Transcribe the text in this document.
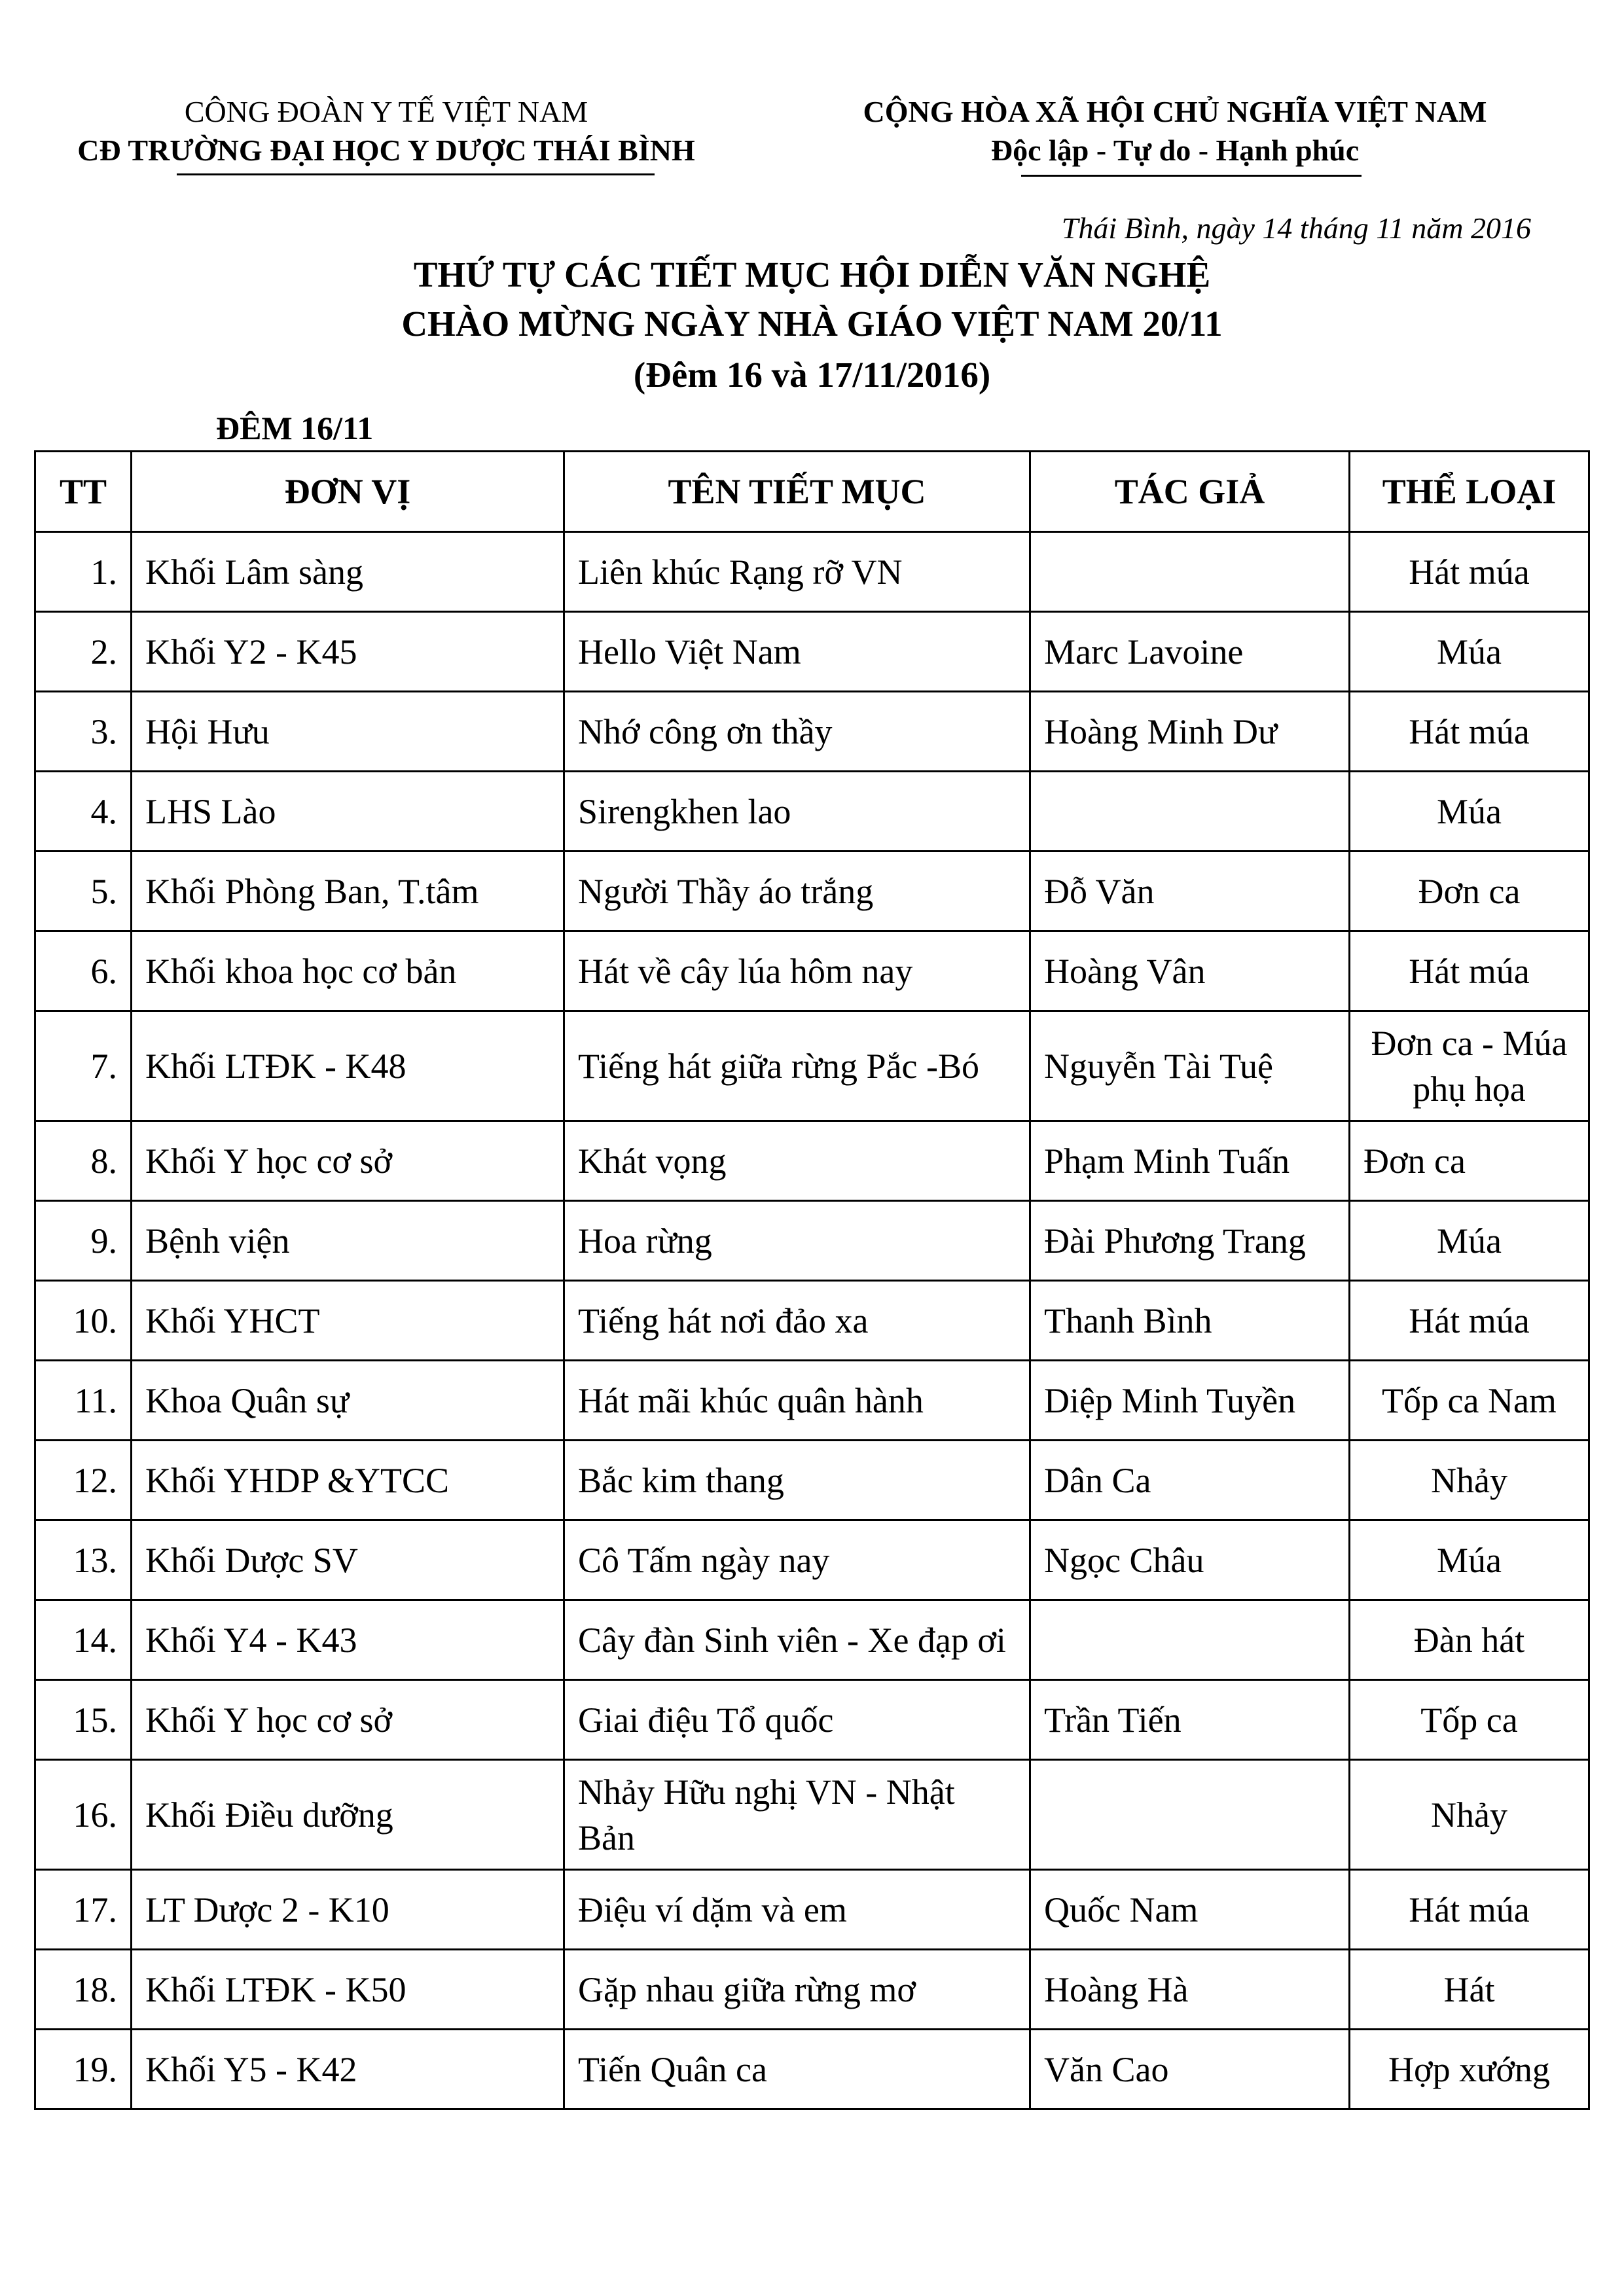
CÔNG ĐOÀN Y TẾ VIỆT NAM
CĐ TRƯỜNG ĐẠI HỌC Y DƯỢC THÁI BÌNH
CỘNG HÒA XÃ HỘI CHỦ NGHĨA VIỆT NAM
Độc lập - Tự do - Hạnh phúc
Thái Bình, ngày 14 tháng 11 năm 2016
THỨ TỰ CÁC TIẾT MỤC HỘI DIỄN VĂN NGHỆ
CHÀO MỪNG NGÀY NHÀ GIÁO VIỆT NAM 20/11
(Đêm 16 và 17/11/2016)
ĐÊM 16/11
TT	ĐƠN VỊ	TÊN TIẾT MỤC	TÁC GIẢ	THỂ LOẠI
1.	Khối Lâm sàng	Liên khúc Rạng rỡ VN		Hát múa
2.	Khối Y2 - K45	Hello Việt Nam	Marc Lavoine	Múa
3.	Hội Hưu	Nhớ công ơn thầy	Hoàng Minh Dư	Hát múa
4.	LHS Lào	Sirengkhen lao		Múa
5.	Khối Phòng Ban, T.tâm	Người Thầy áo trắng	Đỗ Văn	Đơn ca
6.	Khối khoa học cơ bản	Hát về cây lúa hôm nay	Hoàng Vân	Hát múa
7.	Khối LTĐK - K48	Tiếng hát giữa rừng Pắc -Bó	Nguyễn Tài Tuệ	Đơn ca - Múa phụ họa
8.	Khối Y học cơ sở	Khát vọng	Phạm Minh Tuấn	Đơn ca
9.	Bệnh viện	Hoa rừng	Đài Phương Trang	Múa
10.	Khối YHCT	Tiếng hát nơi đảo xa	Thanh Bình	Hát múa
11.	Khoa Quân sự	Hát mãi khúc quân hành	Diệp Minh Tuyền	Tốp ca Nam
12.	Khối YHDP &YTCC	Bắc kim thang	Dân Ca	Nhảy
13.	Khối Dược SV	Cô Tấm ngày nay	Ngọc Châu	Múa
14.	Khối Y4 - K43	Cây đàn Sinh viên - Xe đạp ơi		Đàn hát
15.	Khối Y học cơ sở	Giai điệu Tổ quốc	Trần Tiến	Tốp ca
16.	Khối Điều dưỡng	Nhảy Hữu nghị VN - Nhật Bản		Nhảy
17.	LT Dược 2 - K10	Điệu ví dặm và em	Quốc Nam	Hát múa
18.	Khối LTĐK - K50	Gặp nhau giữa rừng mơ	Hoàng Hà	Hát
19.	Khối Y5 - K42	Tiến Quân ca	Văn Cao	Hợp xướng
